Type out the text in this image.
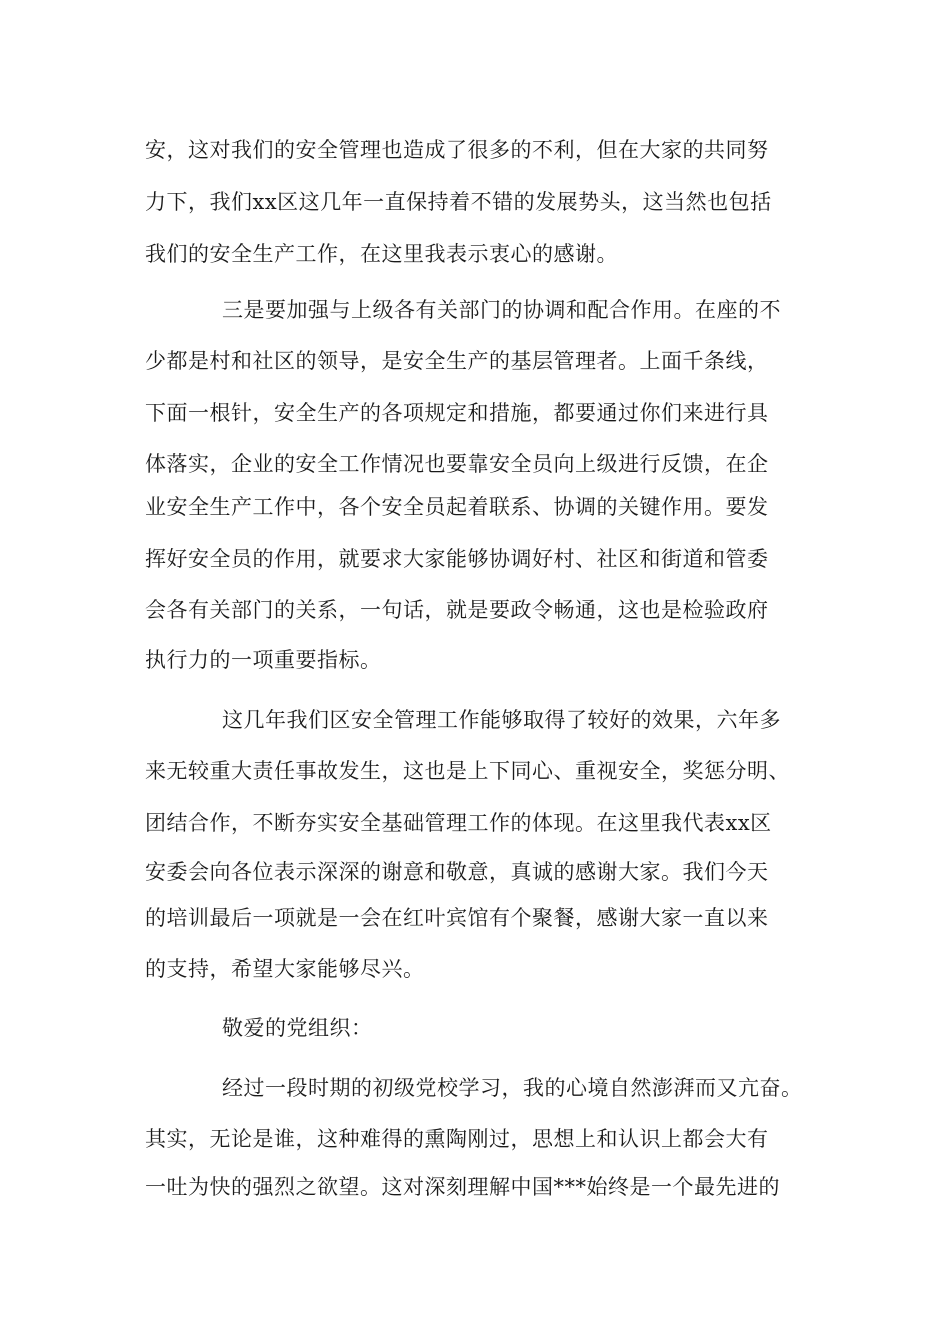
安，这对我们的安全管理也造成了很多的不利，但在大家的共同努
力下，我们xx区这几年一直保持着不错的发展势头，这当然也包括
我们的安全生产工作，在这里我表示衷心的感谢。
三是要加强与上级各有关部门的协调和配合作用。在座的不
少都是村和社区的领导，是安全生产的基层管理者。上面千条线，
下面一根针，安全生产的各项规定和措施，都要通过你们来进行具
体落实，企业的安全工作情况也要靠安全员向上级进行反馈，在企
业安全生产工作中，各个安全员起着联系、协调的关键作用。要发
挥好安全员的作用，就要求大家能够协调好村、社区和街道和管委
会各有关部门的关系，一句话，就是要政令畅通，这也是检验政府
执行力的一项重要指标。
这几年我们区安全管理工作能够取得了较好的效果，六年多
来无较重大责任事故发生，这也是上下同心、重视安全，奖惩分明、
团结合作，不断夯实安全基础管理工作的体现。在这里我代表xx区
安委会向各位表示深深的谢意和敬意，真诚的感谢大家。我们今天
的培训最后一项就是一会在红叶宾馆有个聚餐，感谢大家一直以来
的支持，希望大家能够尽兴。
敬爱的党组织：
经过一段时期的初级党校学习，我的心境自然澎湃而又亢奋。
其实，无论是谁，这种难得的熏陶刚过，思想上和认识上都会大有
一吐为快的强烈之欲望。这对深刻理解中国***始终是一个最先进的
